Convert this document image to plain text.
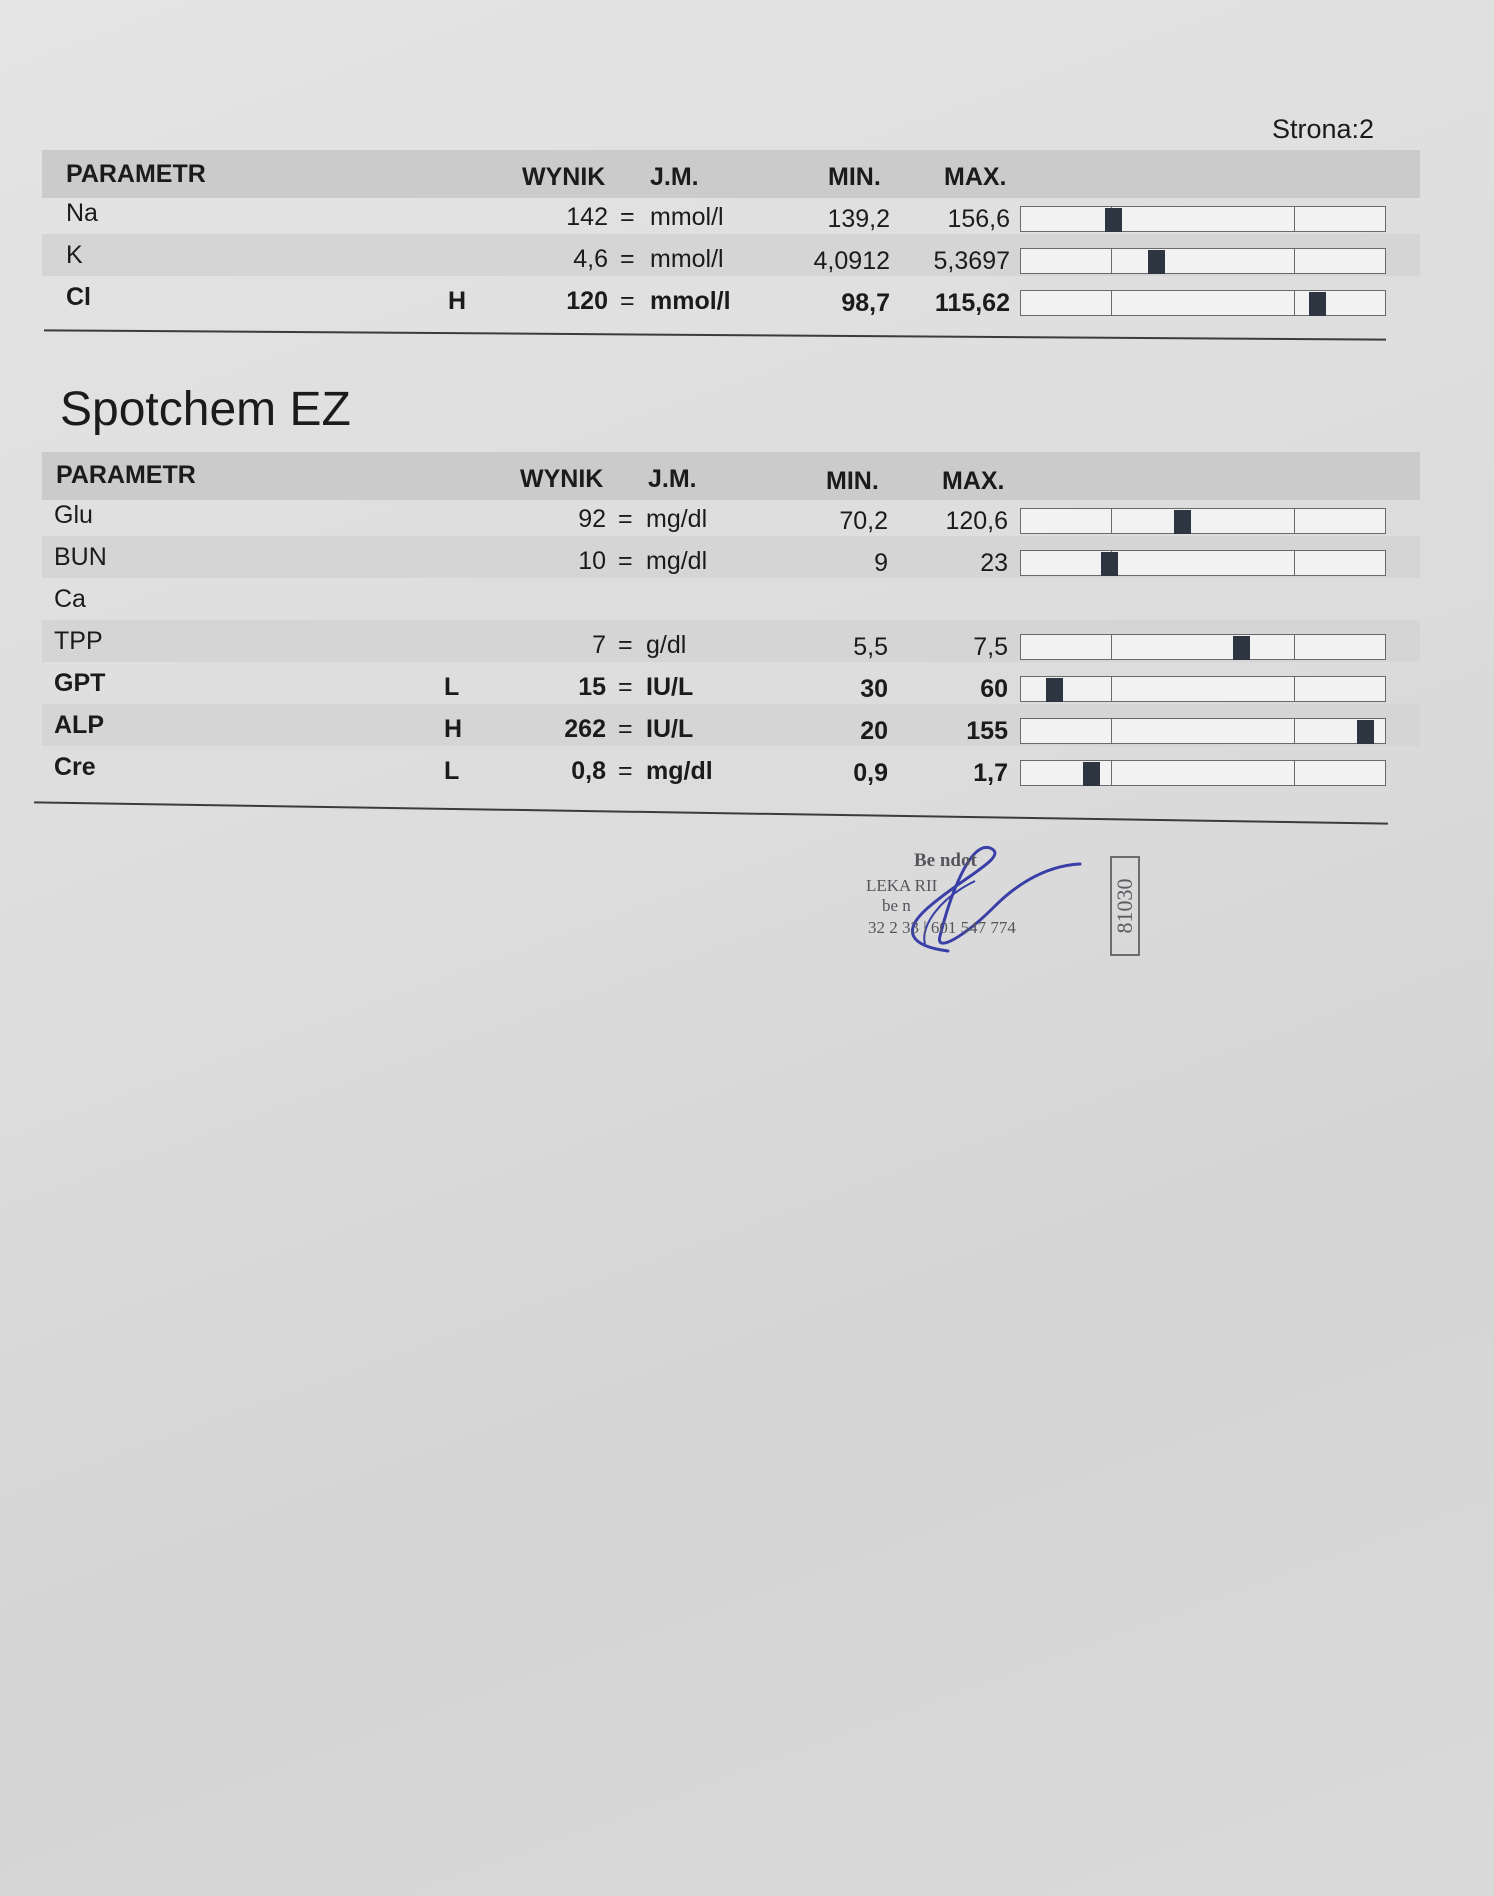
Strona:2
PARAMETR	WYNIK J.M.	MIN.	MAX.
Na	142 = mmol/l	139,2 156,6
K	4,6 = mmol/l	4,0912 5,3697
Cl	H	120 = mmol/l	98,7 115,62
Spotchem EZ
PARAMETR	WYNIK J.M.	MIN.	MAX.
Glu	92 = mg/dl	70,2 120,6
BUN	10 = mg/dl	9	23
Ca
TPP	7 = g/dl	5,5	7,5
GPT	L	15 = IU/L	30	60
ALP	H	262 = IU/L	20	155
Cre	L	0,8 = mg/dl	0,9	1,7
Be ndot
LEKA RII
be n
32 2 33 | 601 547 774	81030
